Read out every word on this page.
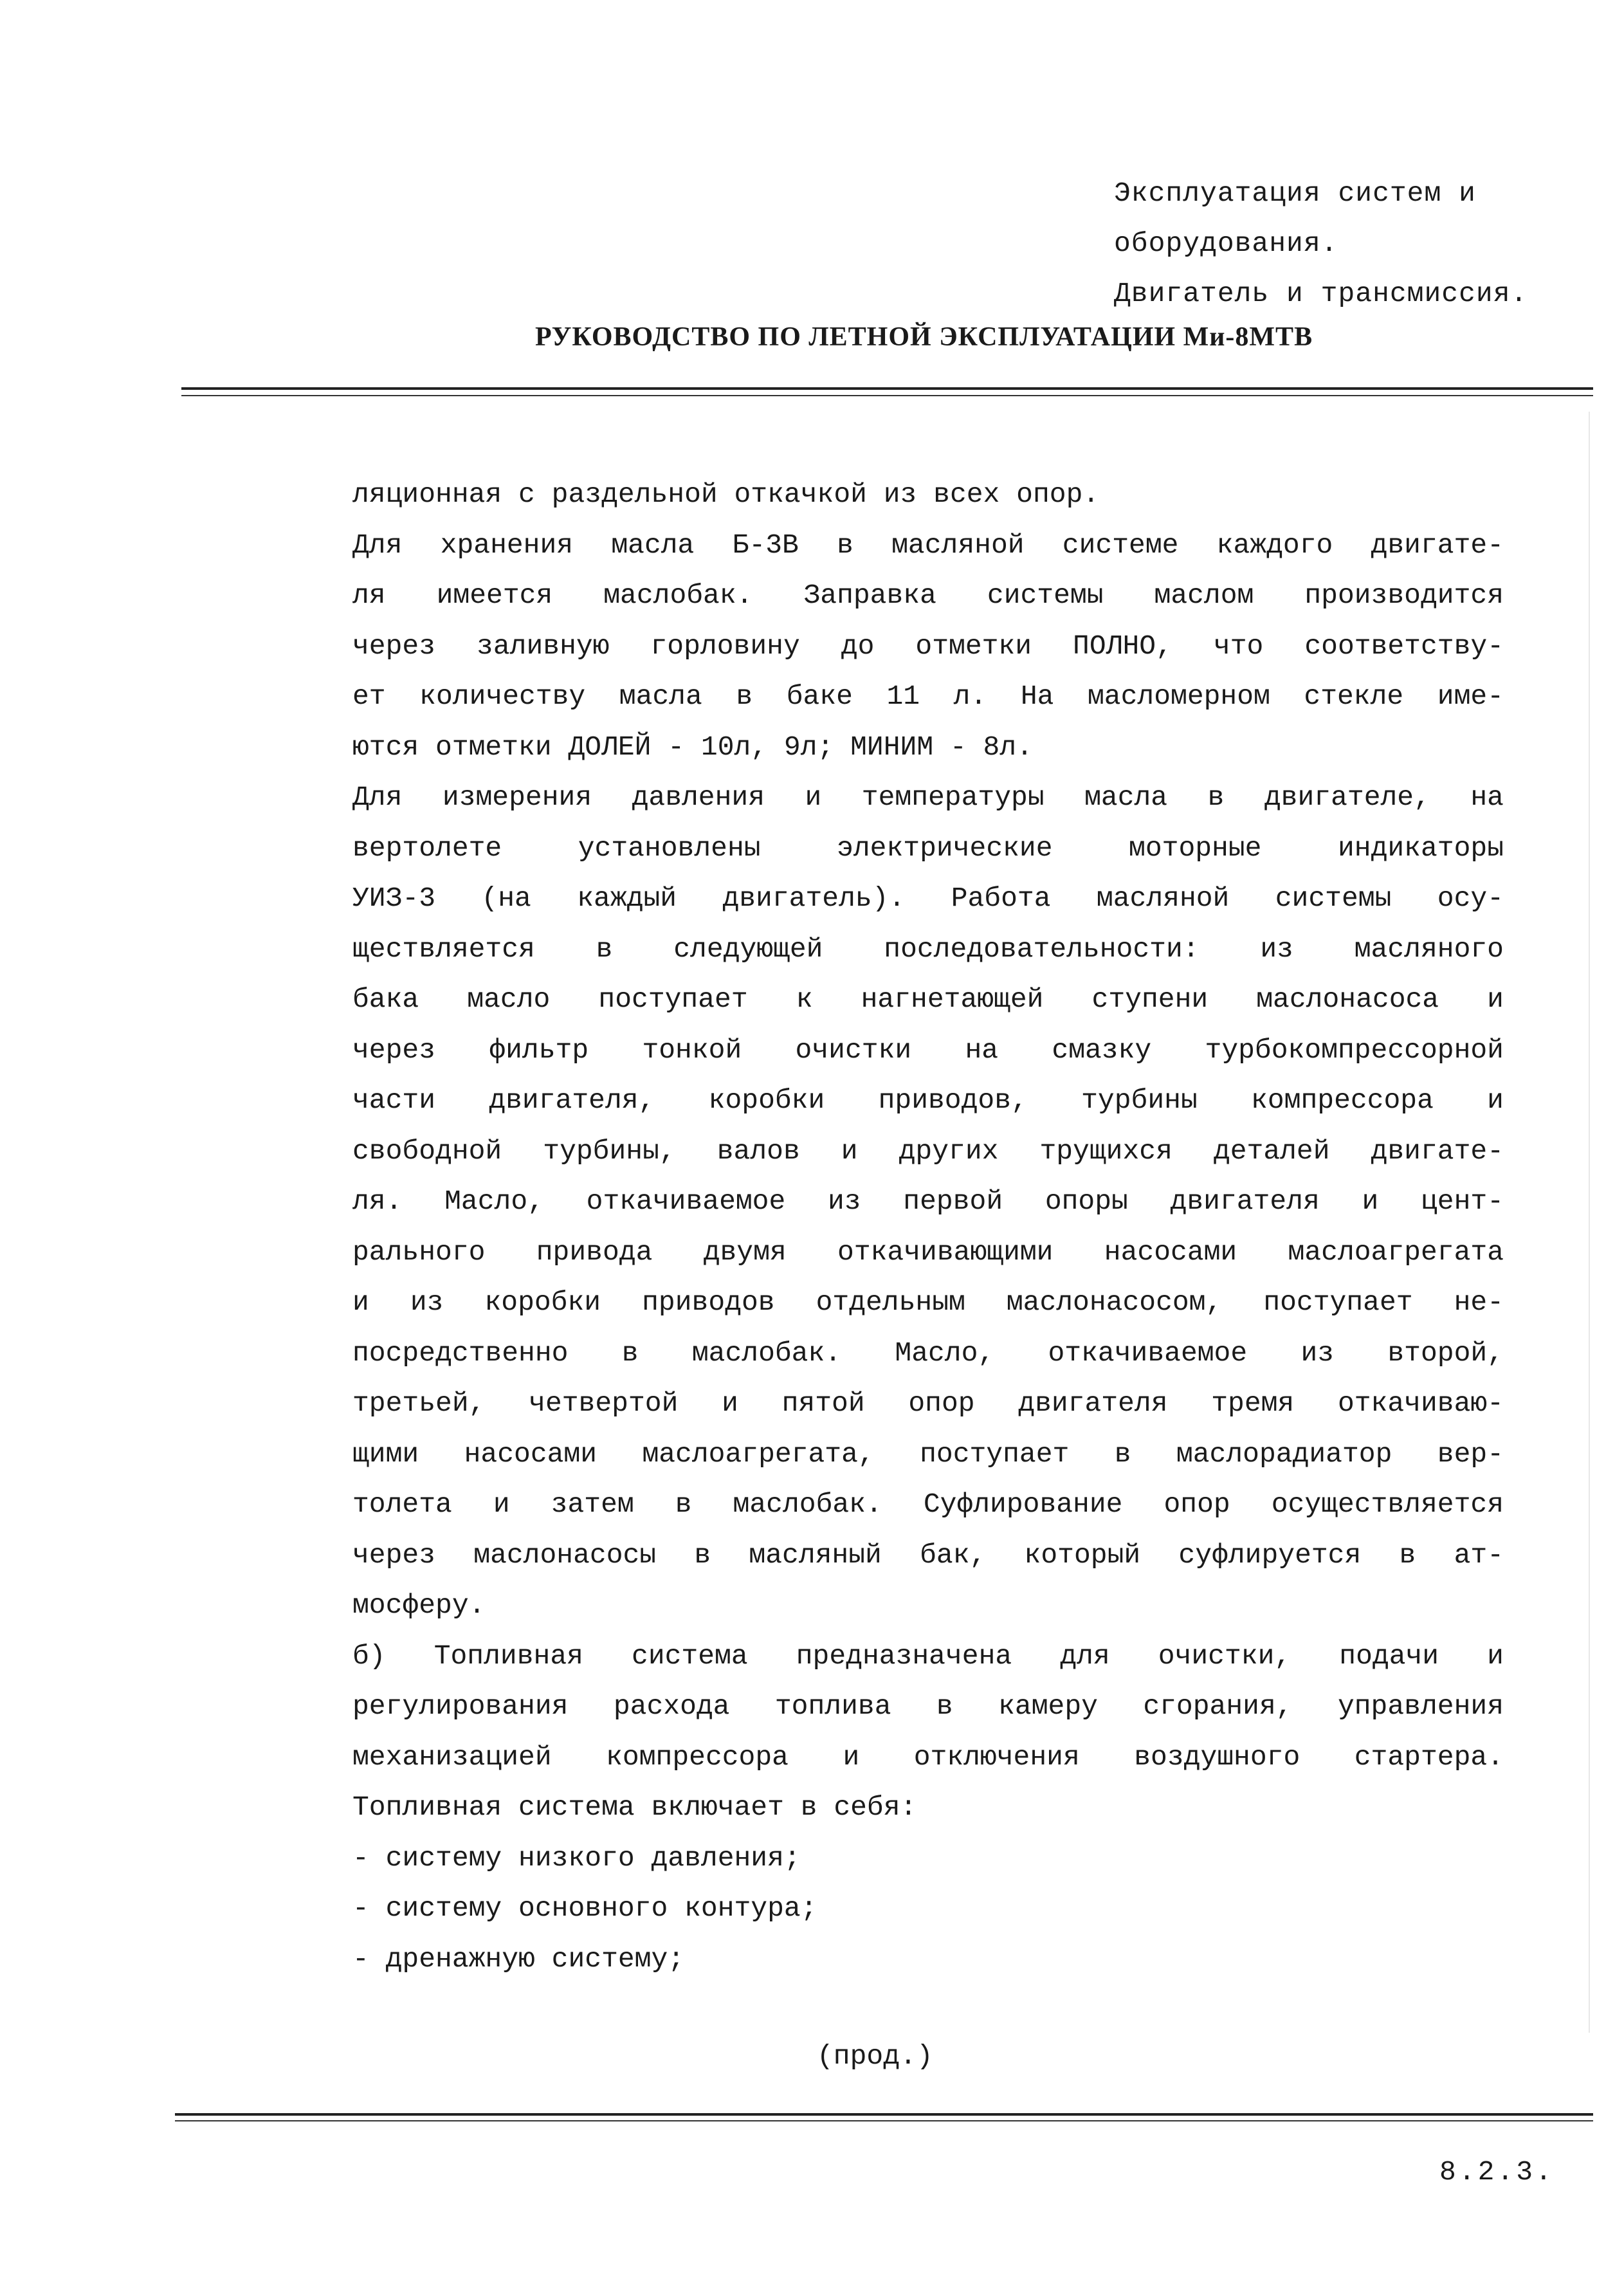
Эксплуатация систем и
оборудования.
Двигатель и трансмиссия.
РУКОВОДСТВО ПО ЛЕТНОЙ ЭКСПЛУАТАЦИИ Ми-8МТВ
ляционная с раздельной откачкой из всех опор.
Для хранения масла Б-3В в масляной системе каждого двигате-
ля имеется маслобак. Заправка системы маслом производится
через заливную горловину до отметки ПОЛНО, что соответству-
ет количеству масла в баке 11 л. На масломерном стекле име-
ются отметки ДОЛЕЙ - 10л, 9л; МИНИМ - 8л.
Для измерения давления и температуры масла в двигателе, на
вертолете установлены электрические моторные индикаторы
УИЗ-3 (на каждый двигатель). Работа масляной системы осу-
ществляется в следующей последовательности: из масляного
бака масло поступает к нагнетающей ступени маслонасоса и
через фильтр тонкой очистки на смазку турбокомпрессорной
части двигателя, коробки приводов, турбины компрессора и
свободной турбины, валов и других трущихся деталей двигате-
ля. Масло, откачиваемое из первой опоры двигателя и цент-
рального привода двумя откачивающими насосами маслоагрегата
и из коробки приводов отдельным маслонасосом, поступает не-
посредственно в маслобак. Масло, откачиваемое из второй,
третьей, четвертой и пятой опор двигателя тремя откачиваю-
щими насосами маслоагрегата, поступает в маслорадиатор вер-
толета и затем в маслобак. Суфлирование опор осуществляется
через маслонасосы в масляный бак, который суфлируется в ат-
мосферу.
б) Топливная система предназначена для очистки, подачи и
регулирования расхода топлива в камеру сгорания, управления
механизацией компрессора и отключения воздушного стартера.
Топливная система включает в себя:
- систему низкого давления;
- систему основного контура;
- дренажную систему;
(прод.)
8.2.3.
